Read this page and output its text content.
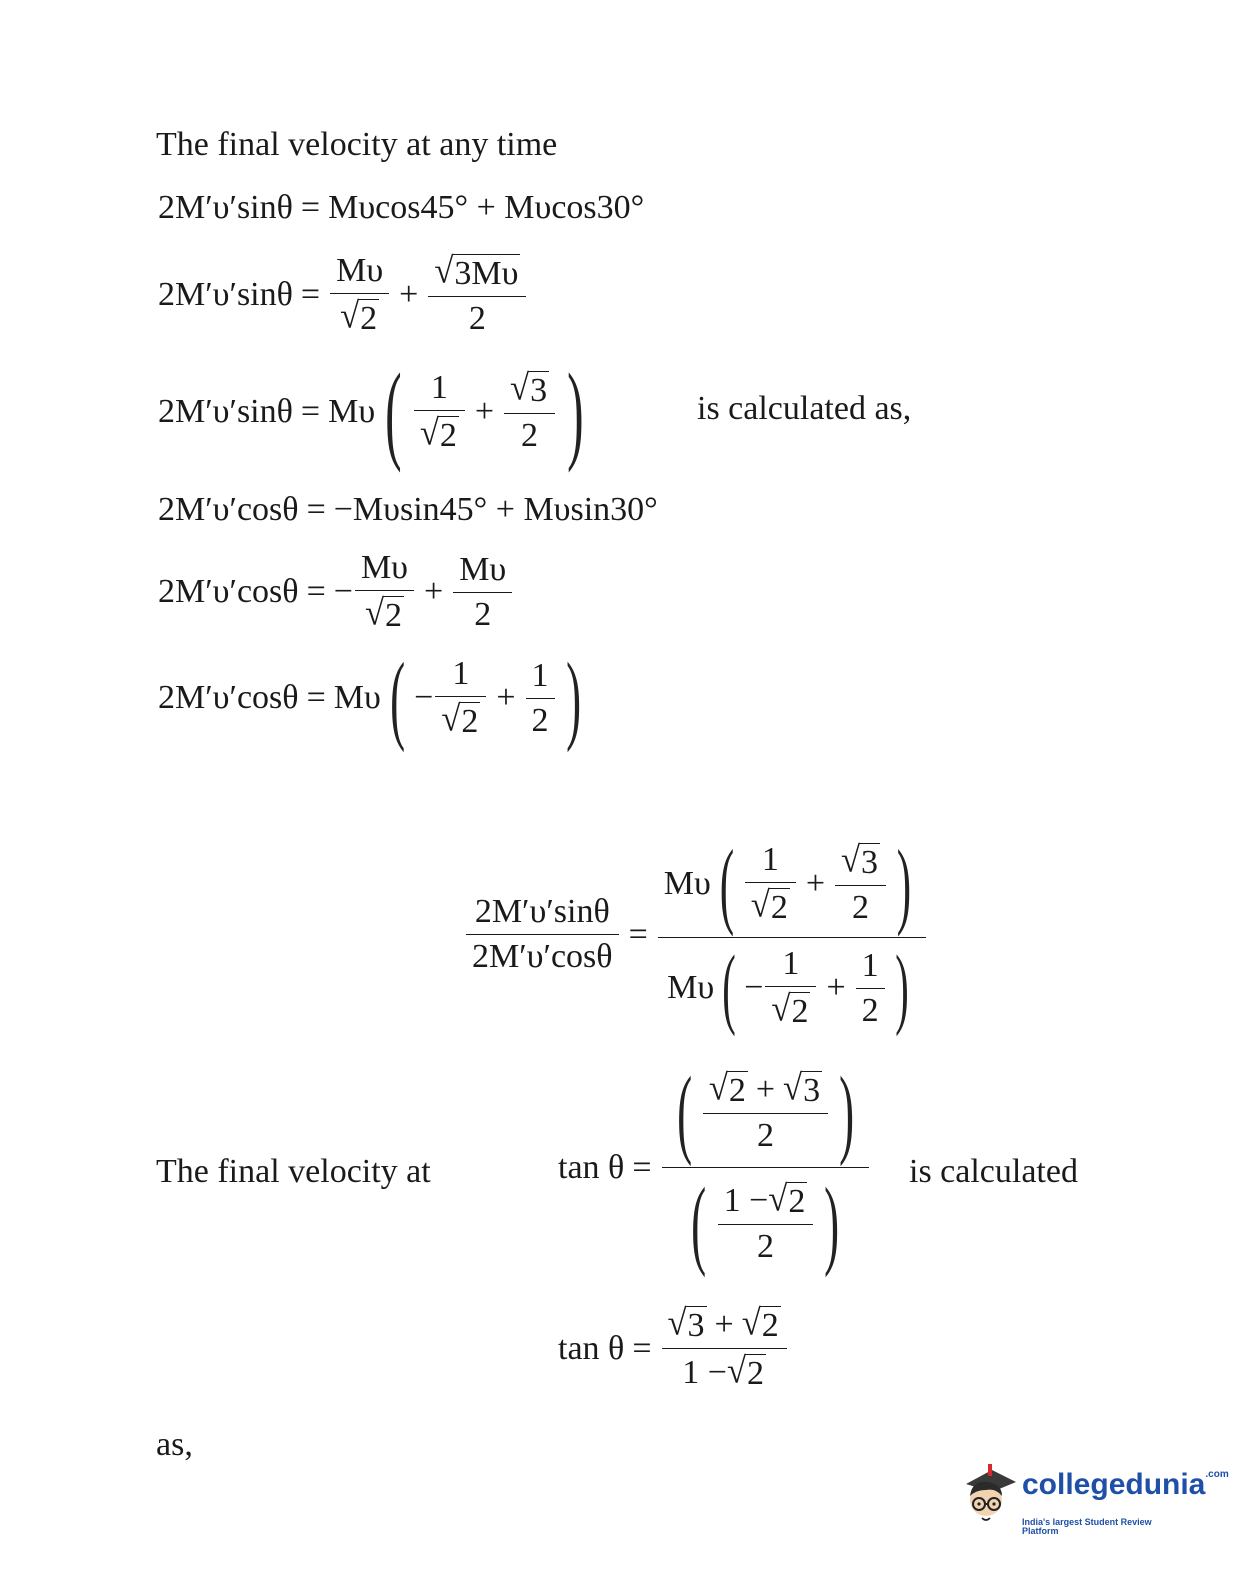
The final velocity at any time
2M′υ′sinθ = Mυcos45° + Mυcos30°
$2M'\upsilon'\sin\theta = \frac{M\upsilon}{√ 2} + \frac{√ 3M\upsilon}{2}$
2M′υ′sinθ = Mυ ( $\frac{1}{√ 2} + \frac{√ 3}{2}$ )	is calculated as,
2M′υ′cosθ = −Mυsin45° + Mυsin30°
2M′υ′cosθ = − $\frac{M\upsilon}{√ 2} + \frac{M\upsilon}{2}$
2M′υ′cosθ = Mυ ( − $\frac{1}{√ 2} + \frac{1}{2}$ )
$\frac{2M'\upsilon'\sin\theta}{2M'\upsilon'\cos\theta}$ =
Mυ ( $\frac{1}{√ 2} + \frac{√ 3}{2}$ )
Mυ ( − $\frac{1}{√ 2} + \frac{1}{2}$ )
The final velocity at	tan θ = ( $\frac{√ 2 + √ 3}{2}$ )
( $\frac{1 - √ 2}{2}$ ) is calculated
$\tan \theta = \frac{√ 3 + √ 2}{1 - √ 2}$
as,
collegedunia$^{.com}$
India's largest Student Review Platform
